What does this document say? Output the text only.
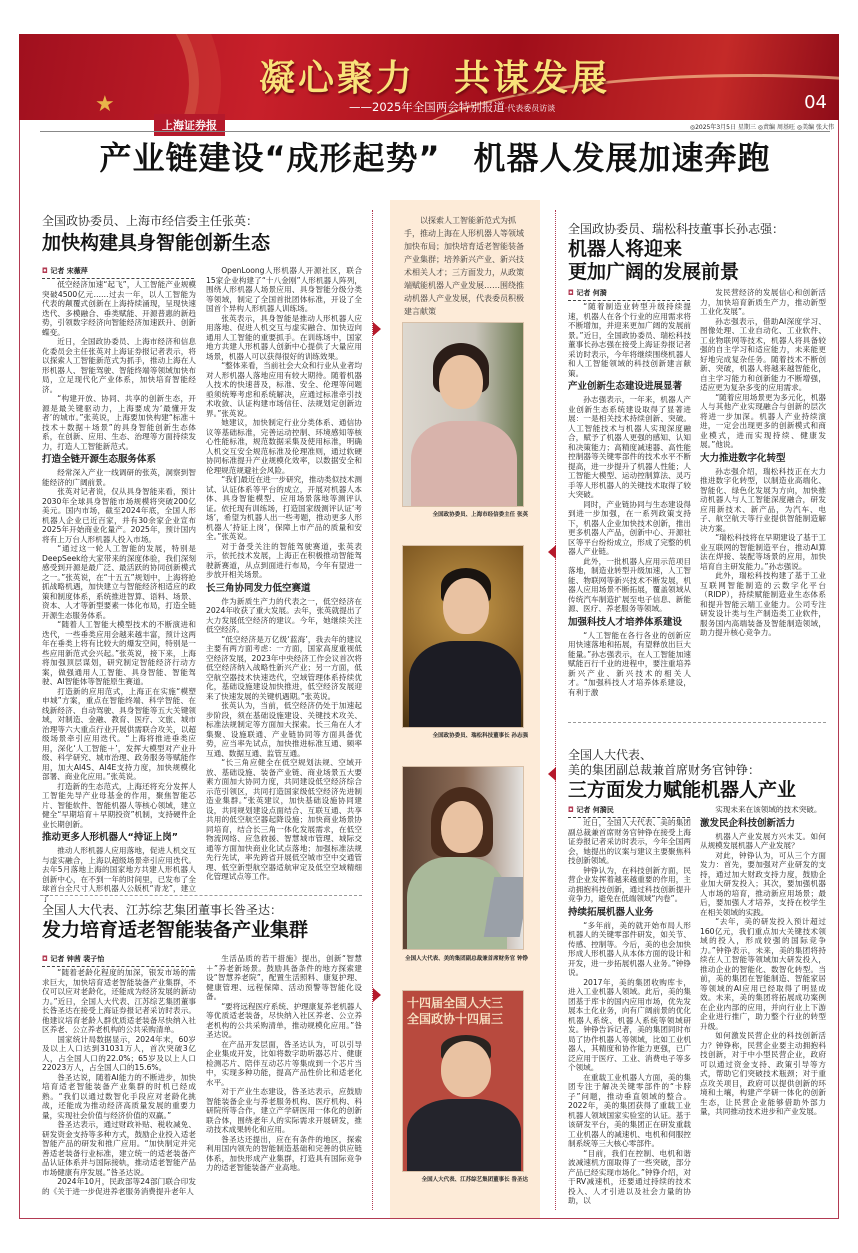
★
凝心聚力　共谋发展
——2025年全国两会特别报道·代表委员访谈	04
上海证券报	◎2025年3月5日 星期三 ◎责编 周基旺 ◎美编 张大伟
产业链建设“成形起势”　机器人发展加速奔跑
以探索人工智能新范式为抓手，推动上海在人形机器人等领域加快布局；加快培育适老智能装备产业集群；培养新兴产业、新兴技术相关人才；三方面发力，从政策端赋能机器人产业发展……围绕推动机器人产业发展，代表委员积极建言献策
全国政协委员、上海市经信委主任 张英
全国政协委员、瑞松科技董事长 孙志强
全国人大代表、美的集团副总裁兼首席财务官 钟铮
十四届全国人大三
全国政协十四届三
全国人大代表、江苏综艺集团董事长 昝圣达
全国政协委员、上海市经信委主任张英：
加快构建具身智能创新生态
◘ 记者 宋薇萍

低空经济加速“起飞”，人工智能产业规模突破4500亿元……过去一年，以人工智能为代表的颠覆式创新在上海持续涌现，呈现快速迭代、多模融合、垂类赋能、开源普惠的新趋势，引领数字经济向智能经济加速跃升、创新蝶变。

近日，全国政协委员、上海市经济和信息化委员会主任张英对上海证券报记者表示，将以探索人工智能新范式为抓手，推动上海在人形机器人、智能驾驶、智能终端等领域加快布局，立足现代化产业体系，加快培育智能经济。

“构建开放、协同、共享的创新生态，开源是最关键驱动力，上海要成为‘最懂开发者’的城市。”张英说，上海要加快构建“标准＋技术＋数据＋场景”的具身智能创新生态体系，在创新、应用、生态、治理等方面持续发力，打造人工智能新范式。

打造全链开源生态服务体系

经常深入产业一线调研的张英，洞察到智能经济的广阔前景。

张英对记者说，仅从具身智能来看，预计2030年全球具身智能市场规模将突破200亿美元。国内市场，截至2024年底，全国人形机器人企业已近百家，并有30余家企业宣布2025年开始商业化量产。2025年，预计国内将有上万台人形机器人投入市场。

“通过这一轮人工智能的发展，特别是DeepSeek给大家带来的深度体验，我们深刻感受到开源是最广泛、最活跃的协同创新模式之一。”张英说，在“十五五”规划中，上海将抢抓战略机遇，加快建立与智能经济相适应的政策和制度体系，系统推进智算、语料、场景、资本、人才等新型要素一体化布局，打造全链开源生态服务体系。

“随着人工智能大模型技术的不断演进和迭代，一些垂类应用会越来越丰富，预计这两年在垂类上将有比较大的爆发空间，特别是一些应用新范式会兴起。”张英说，接下来，上海将加强顶层谋划，研究制定智能经济行动方案，做强通用人工智能、具身智能、智能驾驶、AI智能体等智能原生赛道。

打造新的应用范式，上海正在实施“模塑申城”方案，重点在智能终端、科学智能、在线新经济、自动驾驶、具身智能等五大关键领域，对制造、金融、教育、医疗、文旅、城市治理等六大重点行业开展供需联合攻关，以超级场景牵引应用迭代。“上海将推进垂类应用，深化‘人工智能＋’，发挥大模型对产业升级、科学研究、城市治理、政务服务等赋能作用，加大AI4S、AI4E支持力度，加快规模化部署、商业化应用。”张英说。

打造新的生态范式，上海还将充分发挥人工智能先导产业母基金的作用，聚焦智能芯片、智能软件、智能机器人等核心领域，建立健全“早期培育＋早期投资”机制，支持硬件企业长期创新。

推动更多人形机器人“持证上岗”

推动人形机器人应用落地，促进人机交互与虚实融合，上海以超级场景牵引应用迭代。去年5月落地上海的国家地方共建人形机器人创新中心，在不到一年的时间里，已发布了全球首台全尺寸人形机器人公版机“青龙”，建立了

OpenLoong人形机器人开源社区，联合15家企业构建了“十八金刚”人形机器人阵列，围绕人形机器人场景应用、具身智能分级分类等领域，制定了全国首批团体标准，开设了全国首个异构人形机器人训练场。

张英表示，具身智能是推动人形机器人应用落地、促进人机交互与虚实融合、加快迈向通用人工智能的重要抓手。在训练场中，国家地方共建人形机器人创新中心提供了大量应用场景，机器人可以获得很好的训练效果。

“整体来看，当前社会大众和行业从业者均对人形机器人落地应用有较大期待。随着机器人技术的快速普及，标准、安全、伦理等问题亟须统筹考虑和系统解决，应通过标准牵引技术收敛、认证构建市场信任、法规划定创新边界。”张英说。

她建议，加快制定行业分类体系、通信协议等基础标准，完善运动控制、环境感知等核心性能标准，规范数据采集及使用标准，明确人机交互安全规范标准及伦理准则，通过软硬协同标准提升产业规模化效率，以数据安全和伦理规范规避社会风险。

“我们最近在进一步研究，推动类似技术测试、认证体系等平台的成立，开展对机器人本体、具身智能模型、应用场景落地等测评认证。依托现有训练场，打造国家级测评认证‘考场’，希望为机器人出一些考题，推动更多人形机器人‘持证上岗’，保障上市产品的质量和安全。”张英说。

对于备受关注的智能驾驶赛道，张英表示，依托技术发展，上海正在积极推动智能驾驶新赛道，从点到面进行布局，今年有望进一步放开相关场景。

长三角协同发力低空赛道

作为新质生产力的代表之一，低空经济在2024年收获了重大发展。去年，张英就提出了大力发展低空经济的建议。今年，她继续关注低空经济。

“低空经济是万亿级‘蓝海’，我去年的建议主要有两方面考虑：一方面，国家高度重视低空经济发展，2023年中央经济工作会议首次将低空经济纳入战略性新兴产业；另一方面，低空航空器技术快速迭代，空域管理体系持续优化，基础设施建设加快推进，低空经济发展迎来了快速发展的关键机遇期。”张英说。

张英认为，当前，低空经济仍处于加速起步阶段，须在基础设施建设、关键技术攻关、标准法规制定等方面加大探索。长三角在人才集聚、设施联通、产业链协同等方面具备优势，应当率先试点，加快推进标准互通、频率互通、数据互通、监管互通。

“长三角应健全在低空规划法规、空域开放、基础设施、装备产业链、商业场景五大要素方面加大协同力度，共同建设低空经济综合示范引领区，共同打造国家级低空经济先进制造业集群。”张英建议，加快基础设施协同建设，共同规划建设点面结合、互联互通、共享共用的低空航空器起降设施；加快商业场景协同培育，结合长三角一体化发展需求，在低空物流网络、应急救援、智慧城市管理、城际交通等方面加快商业化试点落地；加强标准法规先行先试，率先跨省开展低空城市空中交通管理、低空新型航空器适航审定及低空空域精细化管理试点等工作。

全国人大代表、江苏综艺集团董事长昝圣达：
发力培育适老智能装备产业集群
◘ 记者 钟茜 裴子怡

“随着老龄化程度的加深，银发市场的需求巨大，加快培育适老智能装备产业集群，不仅可以应对老龄化，还能成为经济发展的新动力。”近日，全国人大代表、江苏综艺集团董事长昝圣达在接受上海证券报记者采访时表示。他建议培育老龄人群优质适老装备尽快纳入社区养老、公立养老机构的公共采购清单。

国家统计局数据显示，2024年末，60岁及以上人口达到31031万人，首次突破3亿人，占全国人口的22.0%；65岁及以上人口22023万人，占全国人口的15.6%。

昝圣达说，随着AI能力的不断进步，加快培育适老智能装备产业集群的时机已经成熟。“我们以通过数智化手段应对老龄化挑战，还能成为推动经济高质量发展的重要力量，实现社会价值与经济价值的双赢。”

昝圣达表示，通过财政补贴、税收减免、研发资金支持等多种方式，鼓励企业投入适老智能产品的研发和推广应用。“加快制定并完善适老装备行业标准，建立统一的适老装备产品认证体系并与国际接轨，推动适老智能产品市场健康有序发展。”昝圣达说。

2024年10月，民政部等24部门联合印发的《关于进一步促进养老服务消费提升老年人

生活品质的若干措施》提出，创新“智慧＋”养老新场景。鼓励具备条件的地方探索建设“智慧养老院”，配置生活照料、康复护理、健康管理、远程保障、活动预警等智能化设备。

“要将远程医疗系统、护理康复养老机器人等优质适老装备，尽快纳入社区养老、公立养老机构的公共采购清单，推动规模化应用。”昝圣达说。

在产品开发层面，昝圣达认为，可以引导企业集成开发，比如将数字助听器芯片、健康检测芯片、陪伴互动芯片等集成到一个芯片当中，实现多种功能，提高产品性价比和适老化水平。

对于产业生态建设，昝圣达表示，应鼓励智能装备企业与养老服务机构、医疗机构、科研院所等合作，建立产学研医用一体化的创新联合体，围绕老年人的实际需求开展研发，推动技术成果转化和应用。

昝圣达还提出，应在有条件的地区，探索利用国内领先的智能制造基础和完善的供应链体系，加快形成产业集群，打造具有国际竞争力的适老智能装备产业高地。

全国政协委员、瑞松科技董事长孙志强：
机器人将迎来
更加广阔的发展前景
◘ 记者 何漪

“随着制造业转型升级持续提速，机器人在各个行业的应用需求将不断增加，并迎来更加广阔的发展前景。”近日，全国政协委员、瑞松科技董事长孙志强在接受上海证券报记者采访时表示，今年将继续围绕机器人和人工智能领域的科技创新建言献策。

产业创新生态建设进展显著

孙志强表示，一年来，机器人产业创新生态系统建设取得了显著进展：一是相关技术持续创新、突破。人工智能技术与机器人实现深度融合，赋予了机器人更强的感知、认知和决策能力；高精度减速器、高性能控制器等关键零部件的技术水平不断提高，进一步提升了机器人性能；人工智能大模型、运动控制算法、灵巧手等人形机器人的关键技术取得了较大突破。

同时，产业链协同与生态建设得到进一步加强，在一系列政策支持下，机器人企业加快技术创新，推出更多机器人产品，创新中心、开源社区等平台纷纷成立，形成了完整的机器人产业链。

此外，一批机器人应用示范项目落地，制造业转型升级加速，人工智能、物联网等新兴技术不断发展，机器人应用场景不断拓展，覆盖领域从传统汽车制造扩展至电子信息、新能源、医疗、养老服务等领域。

加强科技人才培养体系建设

“人工智能在各行各业的创新应用快速落地和拓展，有望释放出巨大能量。”孙志强表示，在人工智能加速赋能百行千业的进程中，要注重培养新兴产业、新兴技术的相关人才。“加强科技人才培养体系建设，有利于激

发民营经济的发展信心和创新活力，加快培育新质生产力，推动新型工业化发展”。

孙志强表示，借助AI深度学习、图像处理、工业自动化、工业软件、工业物联网等技术，机器人将具备较强的自主学习和适应能力，未来能更好地完成复杂任务。随着技术不断创新、突破，机器人将越来越智能化，自主学习能力和创新能力不断增强，适应更为复杂多变的应用需求。

“随着应用场景更为多元化，机器人与其他产业实现融合与创新的层次将进一步加深。机器人产业持续演进，一定会出现更多的创新模式和商业模式，进而实现持续、健康发展。”他说。

大力推进数字化转型

孙志强介绍，瑞松科技正在大力推进数字化转型，以制造业高端化、智能化、绿色化发展为方向，加快推动机器人与人工智能深度融合，研发应用新技术、新产品，为汽车、电子、航空航天等行业提供智能制造解决方案。

“瑞松科技将在早期建设了基于工业互联网的智能制造平台，推动AI算法在焊接、装配等场景的应用，加快培育自主研发能力。”孙志强说。

此外，瑞松科技构建了基于工业互联网智能制造的云数字化平台（RIDP），持续赋能制造业生态体系和提升智能云端工业能力。公司专注研发设计类与生产制造类工业软件，服务国内高端装备及智能制造领域，助力提升核心竞争力。

全国人大代表、
美的集团副总裁兼首席财务官钟铮：
三方面发力赋能机器人产业
◘ 记者 何漪民

近日，全国人大代表、美的集团副总裁兼首席财务官钟铮在接受上海证券报记者采访时表示，今年全国两会，她提出的议案与建议主要聚焦科技创新领域。

钟铮认为，在科技创新方面，民营企业发挥着越来越重要的作用，主动拥抱科技创新，通过科技创新提升竞争力，避免在低端领域“内卷”。

持续拓展机器人业务

“多年前，美的就开始布局人形机器人的关键零部件研发，如关节、传感、控制等。今后，美的也会加快形成人形机器人从本体方面的设计和开发，进一步拓展机器人业务。”钟铮说。

2017年，美的集团收购库卡，进入工业机器人领域。此后，美的集团基于库卡的国内应用市场，优先发展本土化业务，向有广阔前景的优化机器人系统、机器人系统等领域研发。钟铮告诉记者，美的集团同时布局了协作机器人等领域，比如工业机器人，其精度和协作能力更强，已广泛应用于医疗、工业、消费电子等多个领域。

在重载工业机器人方面，美的集团专注于解决关键零部件的“卡脖子”问题，推动垂直领域的整合。2022年，美的集团获得了重载工业机器人领域国家实验室的认证。基于该研发平台，美的集团正在研发重载工业机器人的减速机、电机和伺服控制系统等三大核心零部件。

“目前，我们在控制、电机和谐波减速机方面取得了一些突破，部分产品已经实现市场化。”钟铮介绍，对于RV减速机，还要通过持续的技术投入、人才引进以及社会力量的协助，以

实现未来在该领域的技术突破。

激发民企科技创新活力

机器人产业发展方兴未艾。如何从规模发展机器人产业发展？

对此，钟铮认为，可从三个方面发力：首先，要加强对产业研发的支持，通过加大财政支持力度，鼓励企业加大研发投入；其次，要加强机器人市场的培育，推动新应用场景；最后，要加强人才培养，支持在校学生在相关领域的实践。

“去年，美的研发投入预计超过160亿元，我们重点加大关键技术领域的投入，形成较强的国际竞争力。”钟铮表示，未来，美的集团将持续在人工智能等领域加大研发投入，推动企业的智能化、数智化转型。当前，美的集团在智能制造、智能家居等领域的AI应用已经取得了明显成效。未来，美的集团将拓展成功案例在企业内部的应用，并向行业上下游企业进行推广，助力整个行业的转型升级。

如何激发民营企业的科技创新活力？钟铮称，民营企业要主动拥抱科技创新，对于中小型民营企业，政府可以通过资金支持、政策引导等方式，帮助它们突破技术瓶颈；对于重点攻关项目，政府可以提供创新的环境和土壤，构建产学研一体化的创新生态，让民营企业能够借助外部力量，共同推动技术进步和产业发展。
